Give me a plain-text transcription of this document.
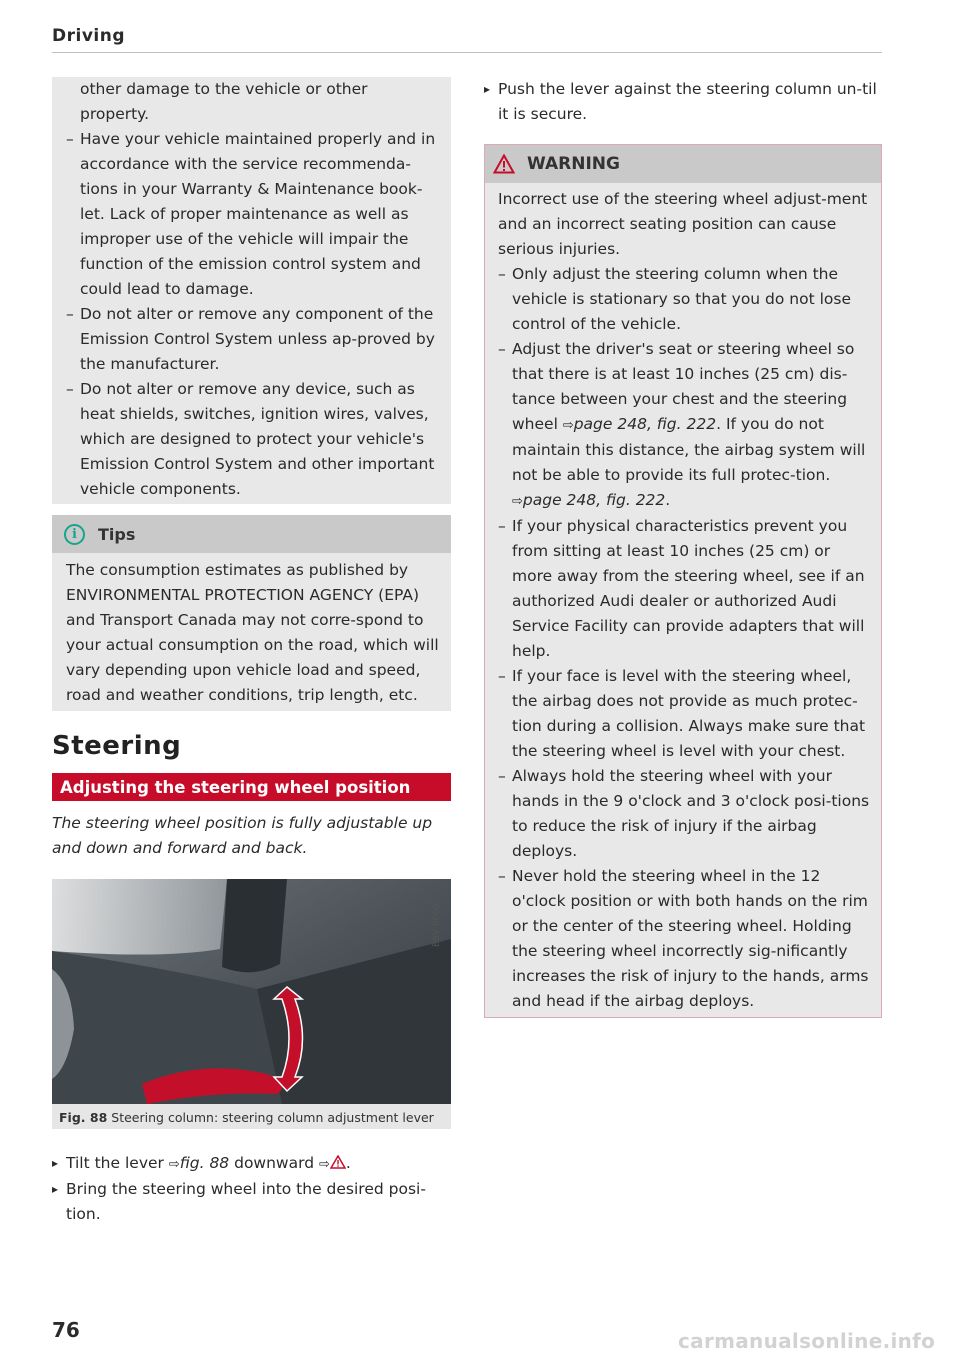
Driving
other damage to the vehicle or other property.
– Have your vehicle maintained properly and in accordance with the service recommenda-tions in your Warranty & Maintenance book-let. Lack of proper maintenance as well as improper use of the vehicle will impair the function of the emission control system and could lead to damage.
– Do not alter or remove any component of the Emission Control System unless ap-proved by the manufacturer.
– Do not alter or remove any device, such as heat shields, switches, ignition wires, valves, which are designed to protect your vehicle's Emission Control System and other important vehicle components.
i	Tips
The consumption estimates as published by ENVIRONMENTAL PROTECTION AGENCY (EPA) and Transport Canada may not corre-spond to your actual consumption on the road, which will vary depending upon vehicle load and speed, road and weather conditions, trip length, etc.
Steering
Adjusting the steering wheel position
The steering wheel position is fully adjustable up and down and forward and back.
B8V-0060
Fig. 88 Steering column: steering column adjustment lever
▸ Tilt the lever ⇨fig. 88 downward ⇨ .
▸ Bring the steering wheel into the desired posi-tion.
▸ Push the lever against the steering column un-til it is secure.
WARNING
Incorrect use of the steering wheel adjust-ment and an incorrect seating position can cause serious injuries.
– Only adjust the steering column when the vehicle is stationary so that you do not lose control of the vehicle.
– Adjust the driver's seat or steering wheel so that there is at least 10 inches (25 cm) dis-tance between your chest and the steering wheel ⇨page 248, fig. 222. If you do not maintain this distance, the airbag system will not be able to provide its full protec-tion. ⇨page 248, fig. 222.
– If your physical characteristics prevent you from sitting at least 10 inches (25 cm) or more away from the steering wheel, see if an authorized Audi dealer or authorized Audi Service Facility can provide adapters that will help.
– If your face is level with the steering wheel, the airbag does not provide as much protec-tion during a collision. Always make sure that the steering wheel is level with your chest.
– Always hold the steering wheel with your hands in the 9 o'clock and 3 o'clock posi-tions to reduce the risk of injury if the airbag deploys.
– Never hold the steering wheel in the 12 o'clock position or with both hands on the rim or the center of the steering wheel. Holding the steering wheel incorrectly sig-nificantly increases the risk of injury to the hands, arms and head if the airbag deploys.
76	carmanualsonline.info
